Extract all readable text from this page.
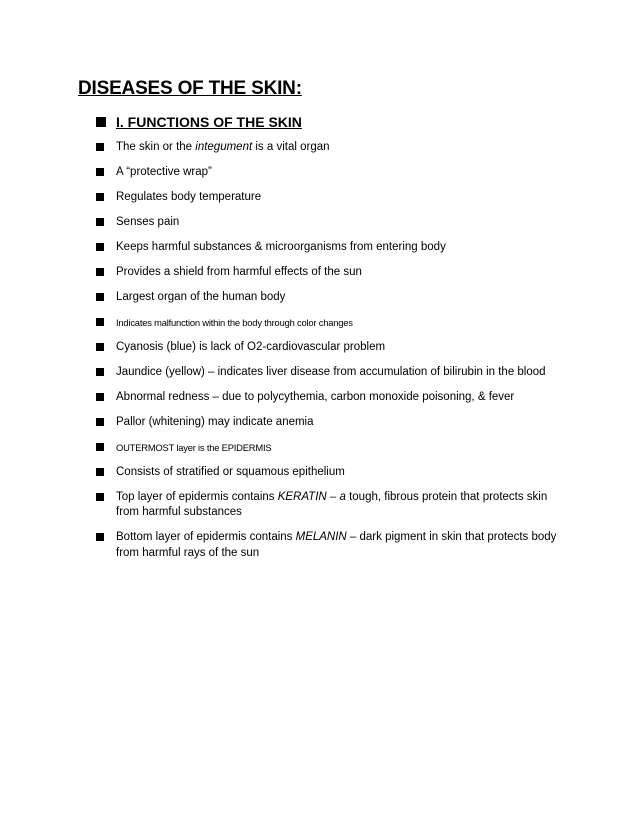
DISEASES OF THE SKIN:
I. FUNCTIONS OF THE SKIN
The skin or the integument is a vital organ
A “protective wrap”
Regulates body temperature
Senses pain
Keeps harmful substances & microorganisms from entering body
Provides a shield from harmful effects of the sun
Largest organ of the human body
Indicates malfunction within the body through color changes
Cyanosis (blue) is lack of O2-cardiovascular problem
Jaundice (yellow) – indicates liver disease from accumulation of bilirubin in the blood
Abnormal redness – due to polycythemia, carbon monoxide poisoning, & fever
Pallor (whitening) may indicate anemia
OUTERMOST layer is the EPIDERMIS
Consists of stratified or squamous epithelium
Top layer of epidermis contains KERATIN – a tough, fibrous protein that protects skin from harmful substances
Bottom layer of epidermis contains MELANIN – dark pigment in skin that protects body from harmful rays of the sun
